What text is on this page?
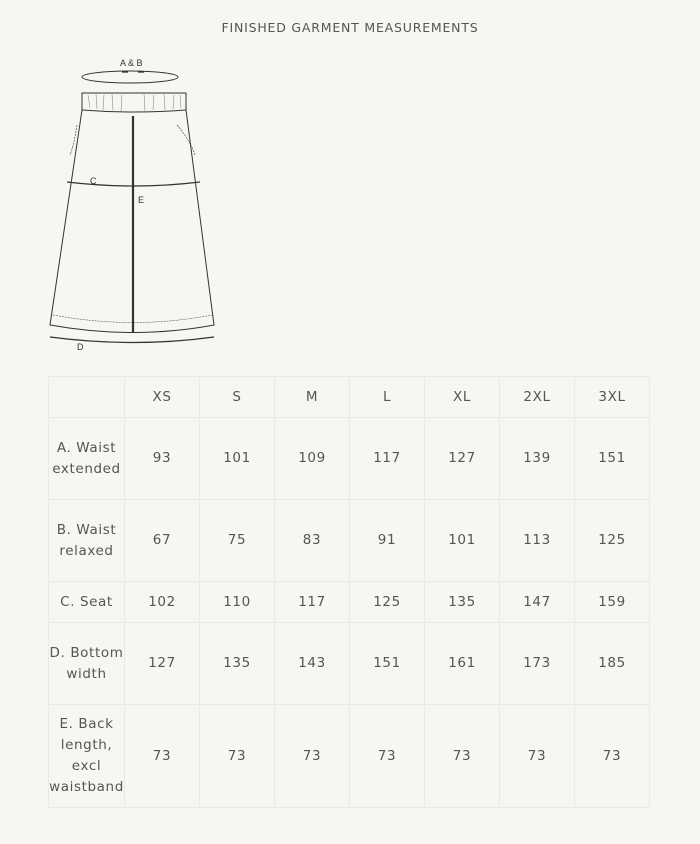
FINISHED GARMENT MEASUREMENTS
A & B
C
E
D
	XS	S	M	L	XL	2XL	3XL
A. Waist extended	93	101	109	117	127	139	151
B. Waist relaxed	67	75	83	91	101	113	125
C. Seat	102	110	117	125	135	147	159
D. Bottom width	127	135	143	151	161	173	185
E. Back length, excl waistband	73	73	73	73	73	73	73
